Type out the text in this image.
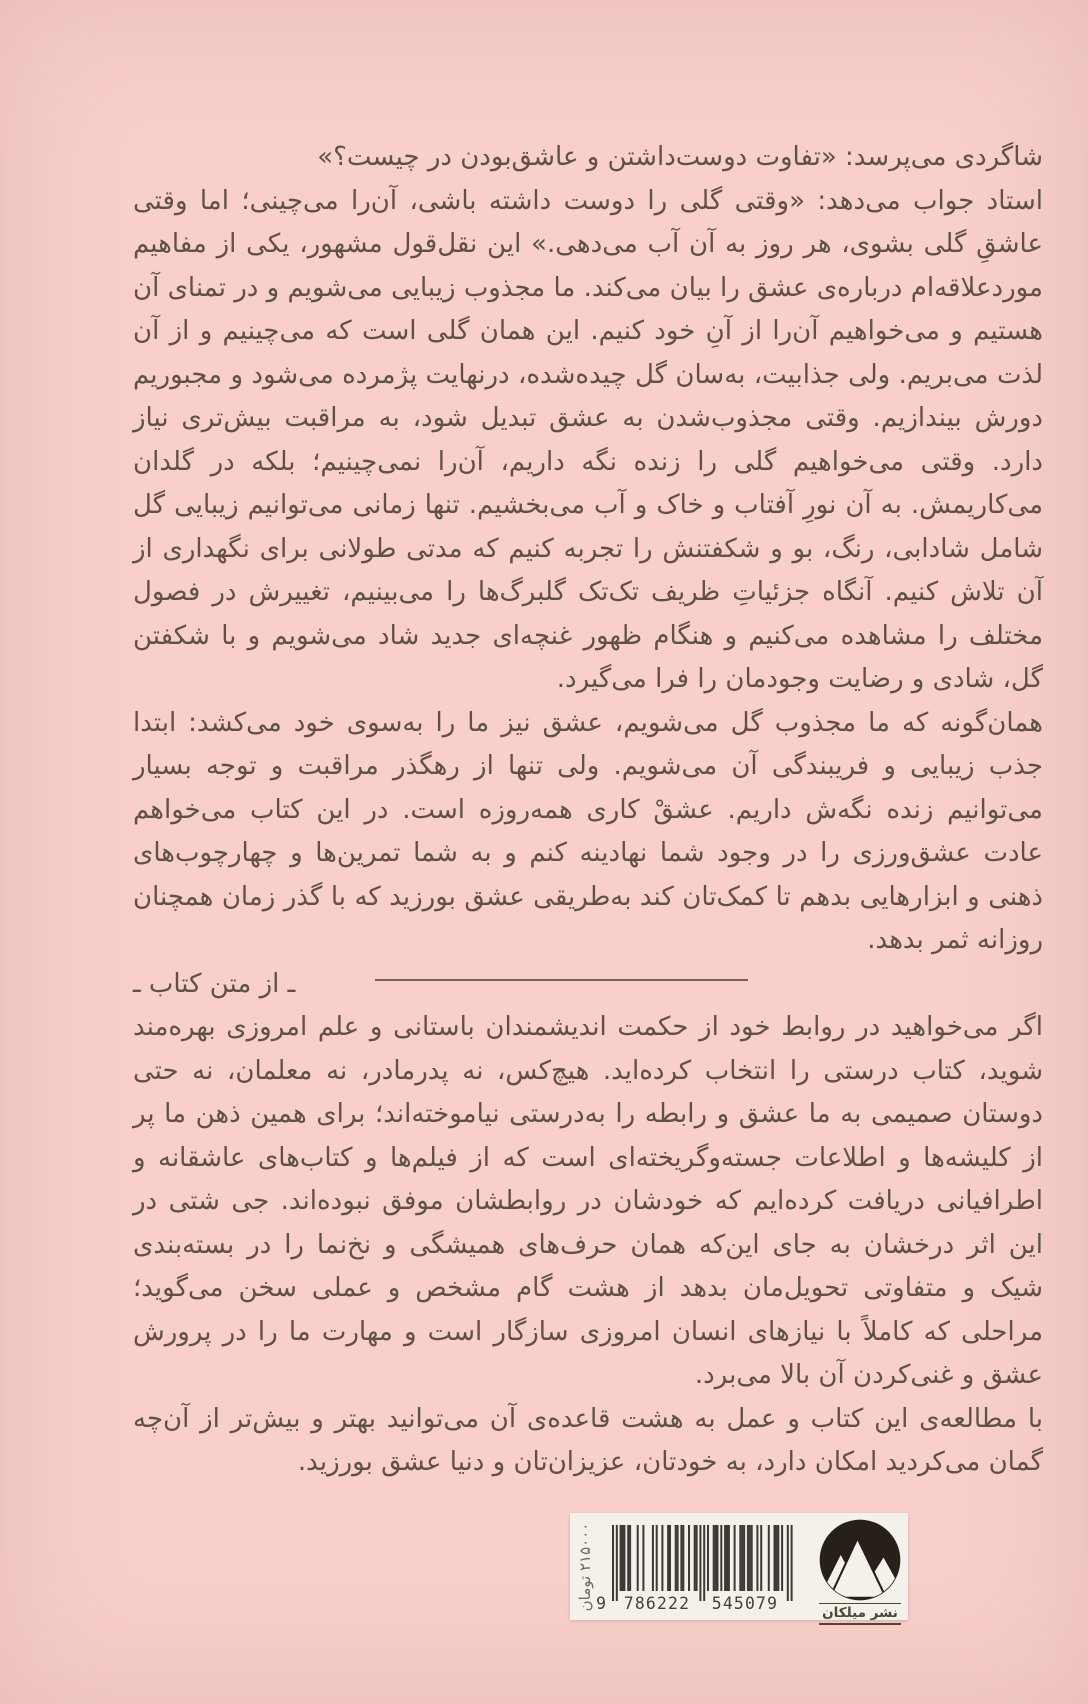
شاگردی می‌پرسد: «تفاوت دوست‌داشتن و عاشق‌بودن در چیست؟»

استاد جواب می‌دهد: «وقتی گلی را دوست داشته باشی، آن‌را می‌چینی؛ اما وقتی عاشقِ گلی بشوی، هر روز به آن آب می‌دهی.» این نقل‌قول مشهور، یکی از مفاهیم موردعلاقه‌ام درباره‌ی عشق را بیان می‌کند. ما مجذوب زیبایی می‌شویم و در تمنای آن هستیم و می‌خواهیم آن‌را از آنِ خود کنیم. این همان گلی است که می‌چینیم و از آن لذت می‌بریم. ولی جذابیت، به‌سان گل چیده‌شده، درنهایت پژمرده می‌شود و مجبوریم دورش بیندازیم. وقتی مجذوب‌شدن به عشق تبدیل شود، به مراقبت بیش‌تری نیاز دارد. وقتی می‌خواهیم گلی را زنده نگه داریم، آن‌را نمی‌چینیم؛ بلکه در گلدان می‌کاریمش. به آن نورِ آفتاب و خاک و آب می‌بخشیم. تنها زمانی می‌توانیم زیبایی گل شامل شادابی، رنگ، بو و شکفتنش را تجربه کنیم که مدتی طولانی برای نگهداری از آن تلاش کنیم. آنگاه جزئیاتِ ظریف تک‌تک گلبرگ‌ها را می‌بینیم، تغییرش در فصول مختلف را مشاهده می‌کنیم و هنگام ظهور غنچه‌ای جدید شاد می‌شویم و با شکفتن گل، شادی و رضایت وجودمان را فرا می‌گیرد.

همان‌گونه که ما مجذوب گل می‌شویم، عشق نیز ما را به‌سوی خود می‌کشد: ابتدا جذب زیبایی و فریبندگی آن می‌شویم. ولی تنها از رهگذر مراقبت و توجه بسیار می‌توانیم زنده نگه‌ش داریم. عشقْ کاری همه‌روزه است. در این کتاب می‌خواهم عادت عشق‌ورزی را در وجود شما نهادینه کنم و به شما تمرین‌ها و چهارچوب‌های ذهنی و ابزارهایی بدهم تا کمک‌تان کند به‌طریقی عشق بورزید که با گذر زمان همچنان روزانه ثمر بدهد.

ـ از متن کتاب ـ

اگر می‌خواهید در روابط خود از حکمت اندیشمندان باستانی و علم امروزی بهره‌مند شوید، کتاب درستی را انتخاب کرده‌اید. هیچ‌کس، نه پدرمادر، نه معلمان، نه حتی دوستان صمیمی به ما عشق و رابطه را به‌درستی نیاموخته‌اند؛ برای همین ذهن ما پر از کلیشه‌ها و اطلاعات جسته‌وگریخته‌ای است که از فیلم‌ها و کتاب‌های عاشقانه و اطرافیانی دریافت کرده‌ایم که خودشان در روابطشان موفق نبوده‌اند. جی شتی در این اثر درخشان به جای این‌که همان حرف‌های همیشگی و نخ‌نما را در بسته‌بندی شیک و متفاوتی تحویل‌مان بدهد از هشت گام مشخص و عملی سخن می‌گوید؛ مراحلی که کاملاً با نیازهای انسان امروزی سازگار است و مهارت ما را در پرورش عشق و غنی‌کردن آن بالا می‌برد.

با مطالعه‌ی این کتاب و عمل به هشت قاعده‌ی آن می‌توانید بهتر و بیش‌تر از آن‌چه گمان می‌کردید امکان دارد، به خودتان، عزیزان‌تان و دنیا عشق بورزید.

۲۱۵۰۰۰ تومان
9 786222	545079	نشر میلکان
